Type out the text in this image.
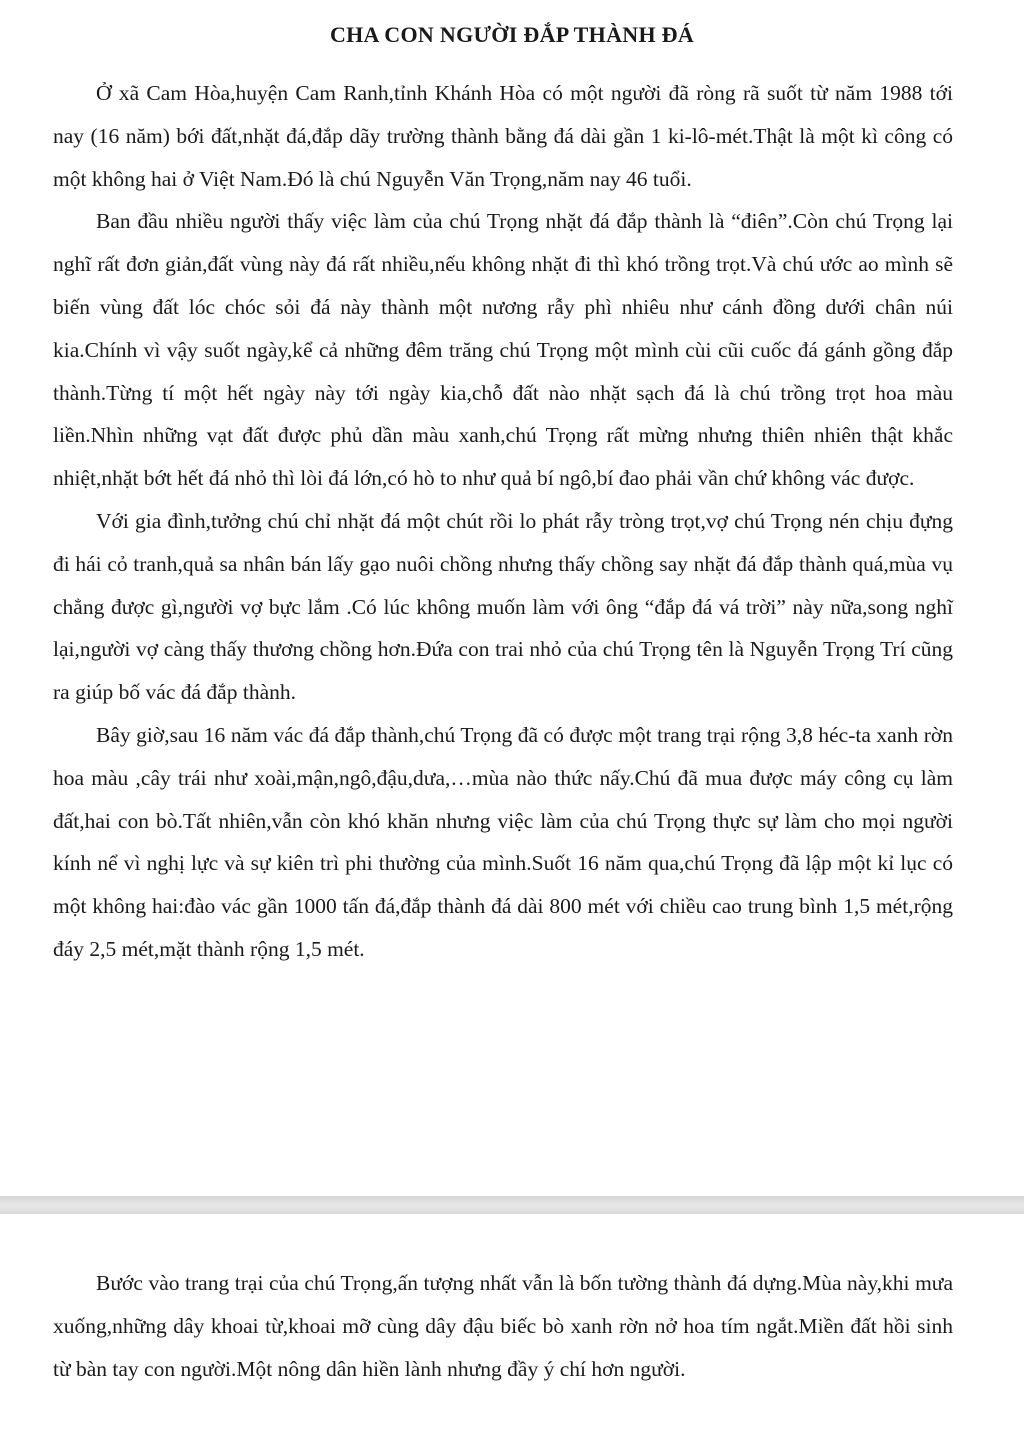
CHA CON NGƯỜI ĐẮP THÀNH ĐÁ

Ở xã Cam Hòa,huyện Cam Ranh,tỉnh Khánh Hòa có một người đã ròng rã suốt từ năm 1988 tới nay (16 năm) bới đất,nhặt đá,đắp dãy trường thành bằng đá dài gần 1 ki-lô-mét.Thật là một kì công có một không hai ở Việt Nam.Đó là chú Nguyễn Văn Trọng,năm nay 46 tuổi.

Ban đầu nhiều người thấy việc làm của chú Trọng nhặt đá đắp thành là “điên”.Còn chú Trọng lại nghĩ rất đơn giản,đất vùng này đá rất nhiều,nếu không nhặt đi thì khó trồng trọt.Và chú ước ao mình sẽ biến vùng đất lóc chóc sỏi đá này thành một nương rẫy phì nhiêu như cánh đồng dưới chân núi kia.Chính vì vậy suốt ngày,kể cả những đêm trăng chú Trọng một mình cùi cũi cuốc đá gánh gồng đắp thành.Từng tí một hết ngày này tới ngày kia,chỗ đất nào nhặt sạch đá là chú trồng trọt hoa màu liền.Nhìn những vạt đất được phủ dần màu xanh,chú Trọng rất mừng nhưng thiên nhiên thật khắc nhiệt,nhặt bớt hết đá nhỏ thì lòi đá lớn,có hò to như quả bí ngô,bí đao phải vần chứ không vác được.

Với gia đình,tưởng chú chỉ nhặt đá một chút rồi lo phát rẫy tròng trọt,vợ chú Trọng nén chịu đựng đi hái cỏ tranh,quả sa nhân bán lấy gạo nuôi chồng nhưng thấy chồng say nhặt đá đắp thành quá,mùa vụ chẳng được gì,người vợ bực lắm .Có lúc không muốn làm với ông “đắp đá vá trời” này nữa,song nghĩ lại,người vợ càng thấy thương chồng hơn.Đứa con trai nhỏ của chú Trọng tên là Nguyễn Trọng Trí cũng ra giúp bố vác đá đắp thành.

Bây giờ,sau 16 năm vác đá đắp thành,chú Trọng đã có được một trang trại rộng 3,8 héc-ta xanh rờn hoa màu ,cây trái như xoài,mận,ngô,đậu,dưa,…mùa nào thức nấy.Chú đã mua được máy công cụ làm đất,hai con bò.Tất nhiên,vẫn còn khó khăn nhưng việc làm của chú Trọng thực sự làm cho mọi người kính nể vì nghị lực và sự kiên trì phi thường của mình.Suốt 16 năm qua,chú Trọng đã lập một kỉ lục có một không hai:đào vác gần 1000 tấn đá,đắp thành đá dài 800 mét với chiều cao trung bình 1,5 mét,rộng đáy 2,5 mét,mặt thành rộng 1,5 mét.

Bước vào trang trại của chú Trọng,ấn tượng nhất vẫn là bốn tường thành đá dựng.Mùa này,khi mưa xuống,những dây khoai từ,khoai mỡ cùng dây đậu biếc bò xanh rờn nở hoa tím ngắt.Miền đất hồi sinh từ bàn tay con người.Một nông dân hiền lành nhưng đầy ý chí hơn người.
